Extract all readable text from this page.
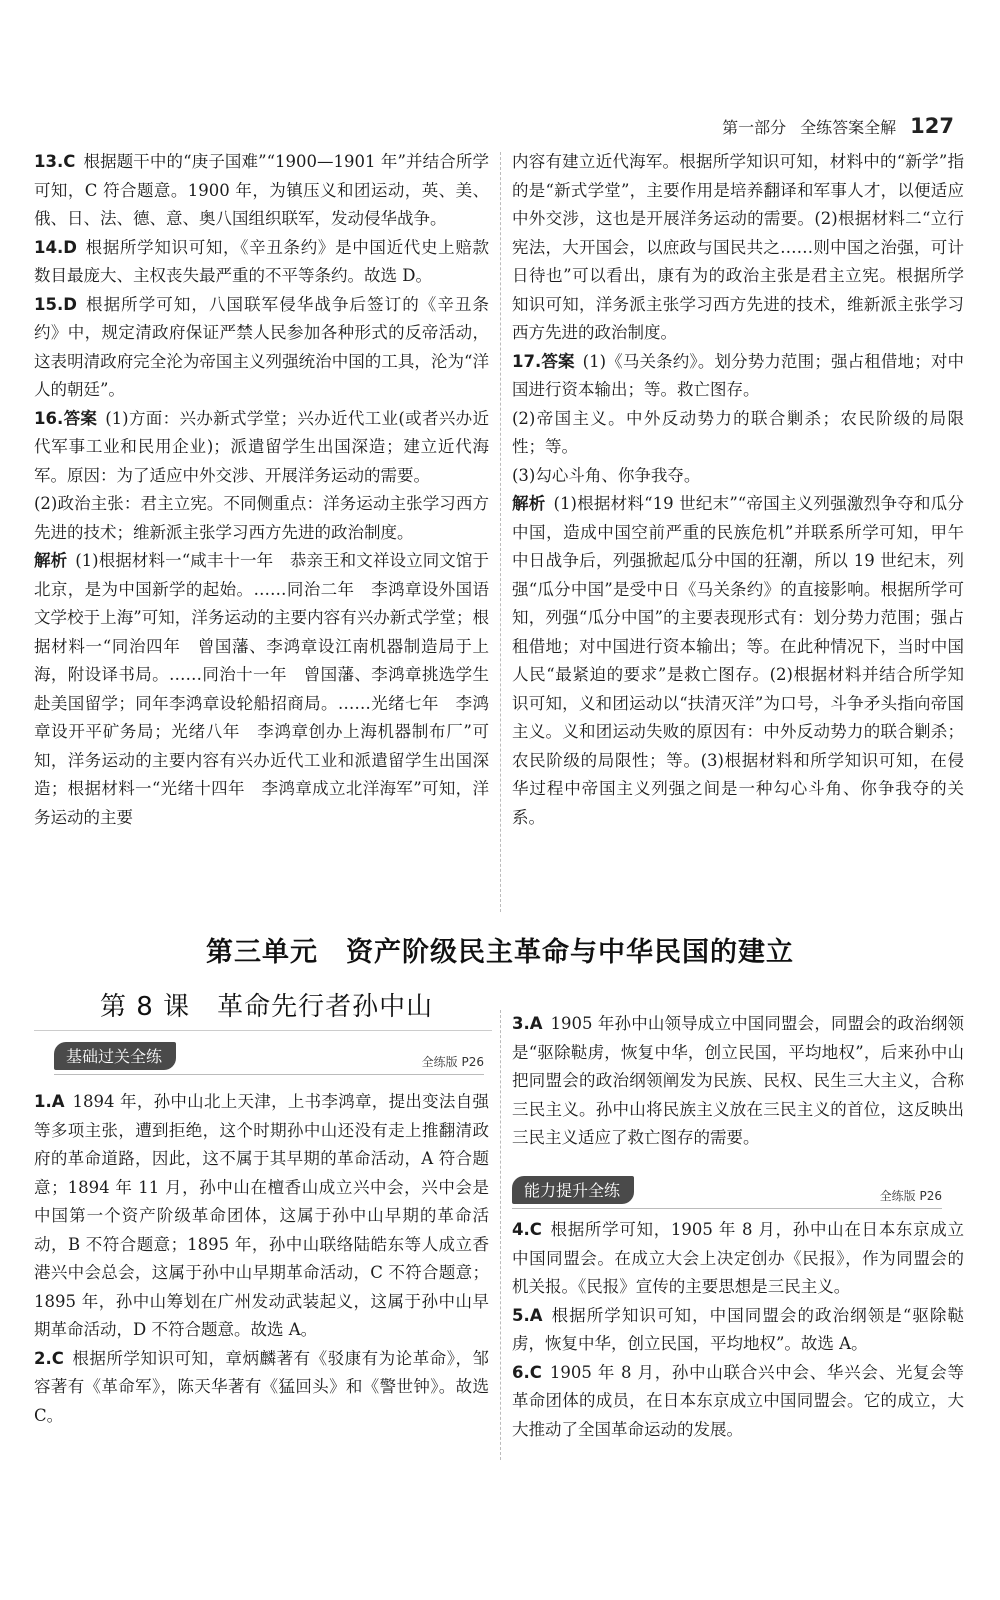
第一部分 全练答案全解 127
13.C 根据题干中的“庚子国难”“1900—1901 年”并结合所学可知，C 符合题意。1900 年，为镇压义和团运动，英、美、俄、日、法、德、意、奥八国组织联军，发动侵华战争。
14.D 根据所学知识可知，《辛丑条约》是中国近代史上赔款数目最庞大、主权丧失最严重的不平等条约。故选 D。
15.D 根据所学可知，八国联军侵华战争后签订的《辛丑条约》中，规定清政府保证严禁人民参加各种形式的反帝活动，这表明清政府完全沦为帝国主义列强统治中国的工具，沦为“洋人的朝廷”。
16.答案 (1)方面：兴办新式学堂；兴办近代工业(或者兴办近代军事工业和民用企业)；派遣留学生出国深造；建立近代海军。原因：为了适应中外交涉、开展洋务运动的需要。
(2)政治主张：君主立宪。不同侧重点：洋务运动主张学习西方先进的技术；维新派主张学习西方先进的政治制度。
解析 (1)根据材料一“咸丰十一年　恭亲王和文祥设立同文馆于北京，是为中国新学的起始。……同治二年　李鸿章设外国语文学校于上海”可知，洋务运动的主要内容有兴办新式学堂；根据材料一“同治四年　曾国藩、李鸿章设江南机器制造局于上海，附设译书局。……同治十一年　曾国藩、李鸿章挑选学生赴美国留学；同年李鸿章设轮船招商局。……光绪七年　李鸿章设开平矿务局；光绪八年　李鸿章创办上海机器制布厂”可知，洋务运动的主要内容有兴办近代工业和派遣留学生出国深造；根据材料一“光绪十四年　李鸿章成立北洋海军”可知，洋务运动的主要
内容有建立近代海军。根据所学知识可知，材料中的“新学”指的是“新式学堂”，主要作用是培养翻译和军事人才，以便适应中外交涉，这也是开展洋务运动的需要。(2)根据材料二“立行宪法，大开国会，以庶政与国民共之……则中国之治强，可计日待也”可以看出，康有为的政治主张是君主立宪。根据所学知识可知，洋务派主张学习西方先进的技术，维新派主张学习西方先进的政治制度。
17.答案 (1)《马关条约》。划分势力范围；强占租借地；对中国进行资本输出；等。救亡图存。
(2)帝国主义。中外反动势力的联合剿杀；农民阶级的局限性；等。
(3)勾心斗角、你争我夺。
解析 (1)根据材料“19 世纪末”“帝国主义列强激烈争夺和瓜分中国，造成中国空前严重的民族危机”并联系所学可知，甲午中日战争后，列强掀起瓜分中国的狂潮，所以 19 世纪末，列强“瓜分中国”是受中日《马关条约》的直接影响。根据所学可知，列强“瓜分中国”的主要表现形式有：划分势力范围；强占租借地；对中国进行资本输出；等。在此种情况下，当时中国人民“最紧迫的要求”是救亡图存。(2)根据材料并结合所学知识可知，义和团运动以“扶清灭洋”为口号，斗争矛头指向帝国主义。义和团运动失败的原因有：中外反动势力的联合剿杀；农民阶级的局限性；等。(3)根据材料和所学知识可知，在侵华过程中帝国主义列强之间是一种勾心斗角、你争我夺的关系。
第三单元　资产阶级民主革命与中华民国的建立
第 8 课　革命先行者孙中山
基础过关全练	全练版 P26
1.A 1894 年，孙中山北上天津，上书李鸿章，提出变法自强等多项主张，遭到拒绝，这个时期孙中山还没有走上推翻清政府的革命道路，因此，这不属于其早期的革命活动，A 符合题意；1894 年 11 月，孙中山在檀香山成立兴中会，兴中会是中国第一个资产阶级革命团体，这属于孙中山早期的革命活动，B 不符合题意；1895 年，孙中山联络陆皓东等人成立香港兴中会总会，这属于孙中山早期革命活动，C 不符合题意；1895 年，孙中山筹划在广州发动武装起义，这属于孙中山早期革命活动，D 不符合题意。故选 A。
2.C 根据所学知识可知，章炳麟著有《驳康有为论革命》，邹容著有《革命军》，陈天华著有《猛回头》和《警世钟》。故选 C。
3.A 1905 年孙中山领导成立中国同盟会，同盟会的政治纲领是“驱除鞑虏，恢复中华，创立民国，平均地权”，后来孙中山把同盟会的政治纲领阐发为民族、民权、民生三大主义，合称三民主义。孙中山将民族主义放在三民主义的首位，这反映出三民主义适应了救亡图存的需要。
能力提升全练	全练版 P26
4.C 根据所学可知，1905 年 8 月，孙中山在日本东京成立中国同盟会。在成立大会上决定创办《民报》，作为同盟会的机关报。《民报》宣传的主要思想是三民主义。
5.A 根据所学知识可知，中国同盟会的政治纲领是“驱除鞑虏，恢复中华，创立民国，平均地权”。故选 A。
6.C 1905 年 8 月，孙中山联合兴中会、华兴会、光复会等革命团体的成员，在日本东京成立中国同盟会。它的成立，大大推动了全国革命运动的发展。
